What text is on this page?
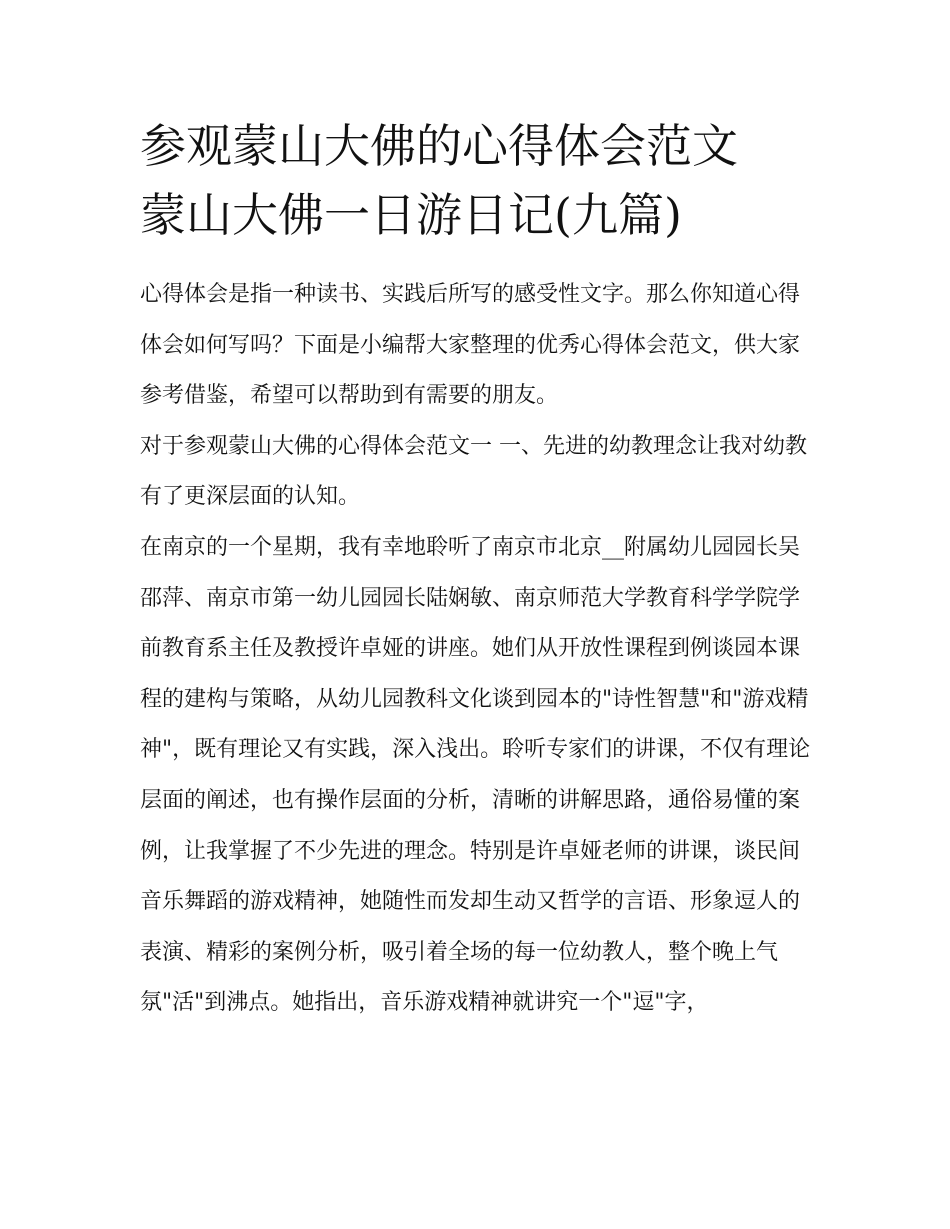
参观蒙山大佛的心得体会范文
蒙山大佛一日游日记(九篇)

心得体会是指一种读书、实践后所写的感受性文字。那么你知道心得体会如何写吗？下面是小编帮大家整理的优秀心得体会范文，供大家参考借鉴，希望可以帮助到有需要的朋友。

对于参观蒙山大佛的心得体会范文一 一、先进的幼教理念让我对幼教有了更深层面的认知。

在南京的一个星期，我有幸地聆听了南京市北京__附属幼儿园园长吴邵萍、南京市第一幼儿园园长陆娴敏、南京师范大学教育科学学院学前教育系主任及教授许卓娅的讲座。她们从开放性课程到例谈园本课程的建构与策略，从幼儿园教科文化谈到园本的"诗性智慧"和"游戏精神"，既有理论又有实践，深入浅出。聆听专家们的讲课，不仅有理论层面的阐述，也有操作层面的分析，清晰的讲解思路，通俗易懂的案例，让我掌握了不少先进的理念。特别是许卓娅老师的讲课，谈民间音乐舞蹈的游戏精神，她随性而发却生动又哲学的言语、形象逗人的表演、精彩的案例分析，吸引着全场的每一位幼教人，整个晚上气氛"活"到沸点。她指出，音乐游戏精神就讲究一个"逗"字，
